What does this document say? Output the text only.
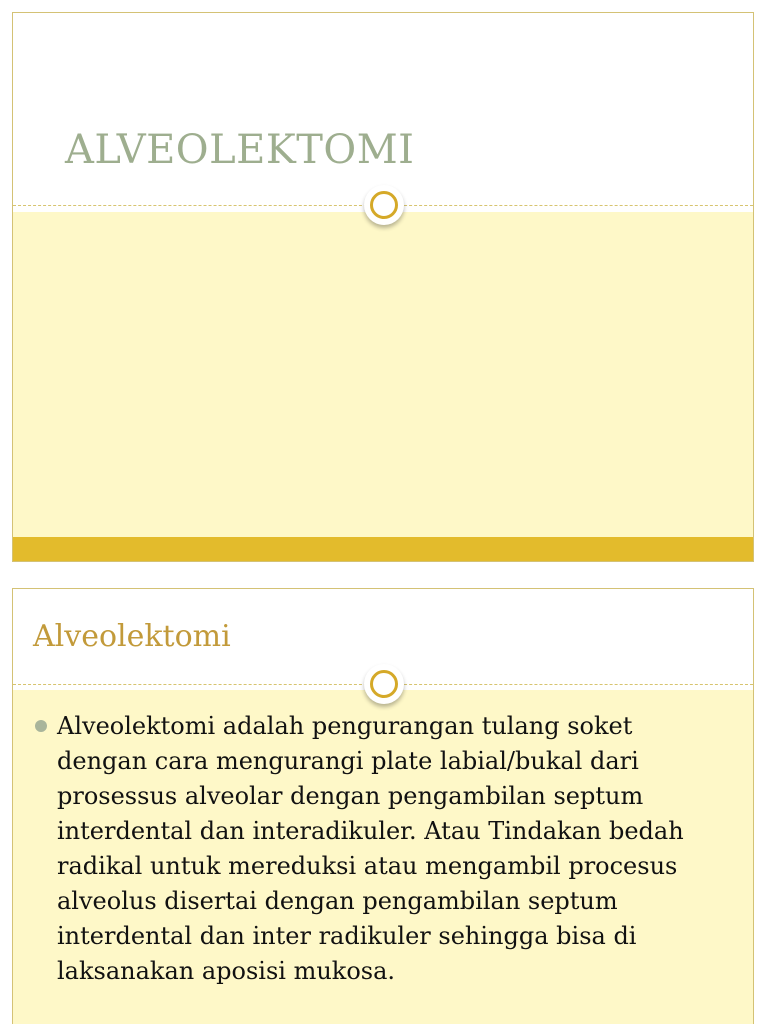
ALVEOLEKTOMI
Alveolektomi
Alveolektomi adalah pengurangan tulang soket dengan cara mengurangi plate labial/bukal dari prosessus alveolar dengan pengambilan septum interdental dan interadikuler. Atau Tindakan bedah radikal untuk mereduksi atau mengambil procesus alveolus disertai dengan pengambilan septum interdental dan inter radikuler sehingga bisa di laksanakan aposisi mukosa.
